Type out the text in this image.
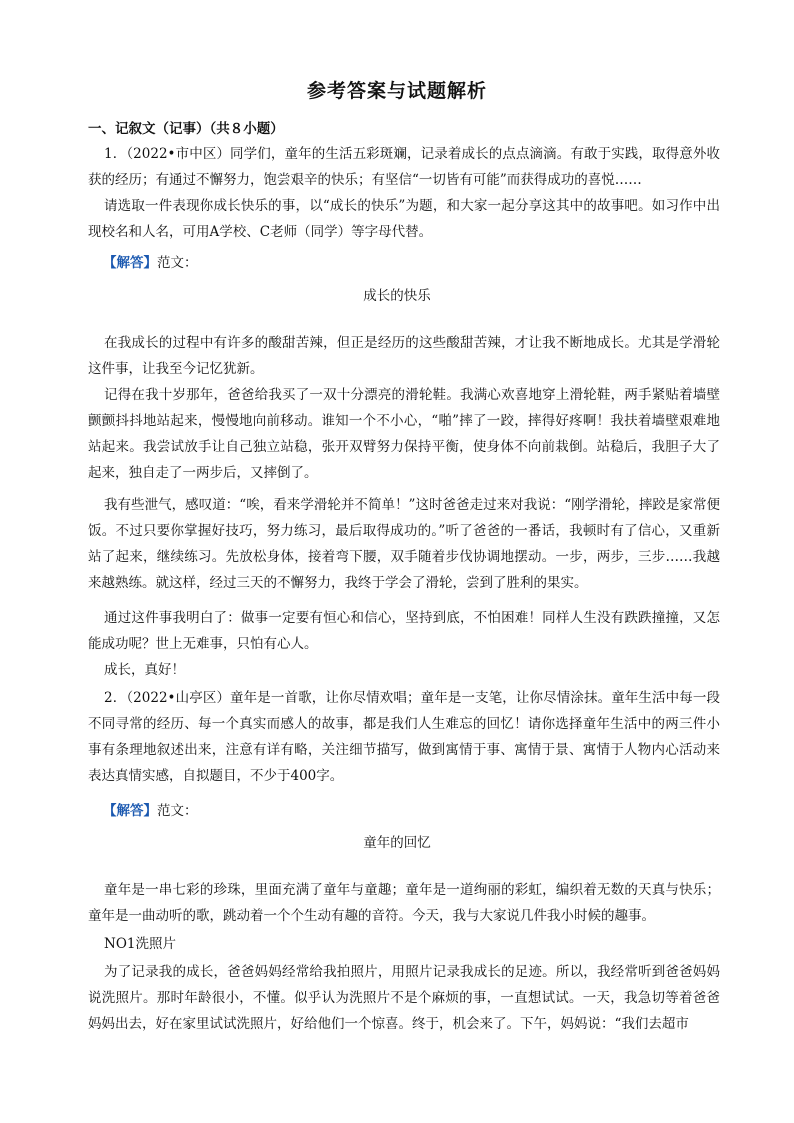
参考答案与试题解析
一、记叙文（记事）（共８小题）
1．（2022•市中区）同学们，童年的生活五彩斑斓，记录着成长的点点滴滴。有敢于实践，取得意外收获的经历；有通过不懈努力，饱尝艰辛的快乐；有坚信“一切皆有可能”而获得成功的喜悦……
请选取一件表现你成长快乐的事，以“成长的快乐”为题，和大家一起分享这其中的故事吧。如习作中出现校名和人名，可用A学校、C老师（同学）等字母代替。
【解答】范文：
成长的快乐
在我成长的过程中有许多的酸甜苦辣，但正是经历的这些酸甜苦辣，才让我不断地成长。尤其是学滑轮这件事，让我至今记忆犹新。
记得在我十岁那年，爸爸给我买了一双十分漂亮的滑轮鞋。我满心欢喜地穿上滑轮鞋，两手紧贴着墙壁颤颤抖抖地站起来，慢慢地向前移动。谁知一个不小心，“啪”摔了一跤，摔得好疼啊！我扶着墙壁艰难地站起来。我尝试放手让自己独立站稳，张开双臂努力保持平衡，使身体不向前栽倒。站稳后，我胆子大了起来，独自走了一两步后，又摔倒了。
我有些泄气，感叹道：“唉，看来学滑轮并不简单！”这时爸爸走过来对我说：“刚学滑轮，摔跤是家常便饭。不过只要你掌握好技巧，努力练习，最后取得成功的。”听了爸爸的一番话，我顿时有了信心，又重新站了起来，继续练习。先放松身体，接着弯下腰，双手随着步伐协调地摆动。一步，两步，三步……我越来越熟练。就这样，经过三天的不懈努力，我终于学会了滑轮，尝到了胜利的果实。
通过这件事我明白了：做事一定要有恒心和信心，坚持到底，不怕困难！同样人生没有跌跌撞撞，又怎能成功呢？世上无难事，只怕有心人。
成长，真好！
2．（2022•山亭区）童年是一首歌，让你尽情欢唱；童年是一支笔，让你尽情涂抹。童年生活中每一段不同寻常的经历、每一个真实而感人的故事，都是我们人生难忘的回忆！请你选择童年生活中的两三件小事有条理地叙述出来，注意有详有略，关注细节描写，做到寓情于事、寓情于景、寓情于人物内心活动来表达真情实感，自拟题目，不少于400字。
【解答】范文：
童年的回忆
童年是一串七彩的珍珠，里面充满了童年与童趣；童年是一道绚丽的彩虹，编织着无数的天真与快乐；童年是一曲动听的歌，跳动着一个个生动有趣的音符。今天，我与大家说几件我小时候的趣事。
NO1洗照片
为了记录我的成长，爸爸妈妈经常给我拍照片，用照片记录我成长的足迹。所以，我经常听到爸爸妈妈说洗照片。那时年龄很小，不懂。似乎认为洗照片不是个麻烦的事，一直想试试。一天，我急切等着爸爸妈妈出去，好在家里试试洗照片，好给他们一个惊喜。终于，机会来了。下午，妈妈说：“我们去超市
